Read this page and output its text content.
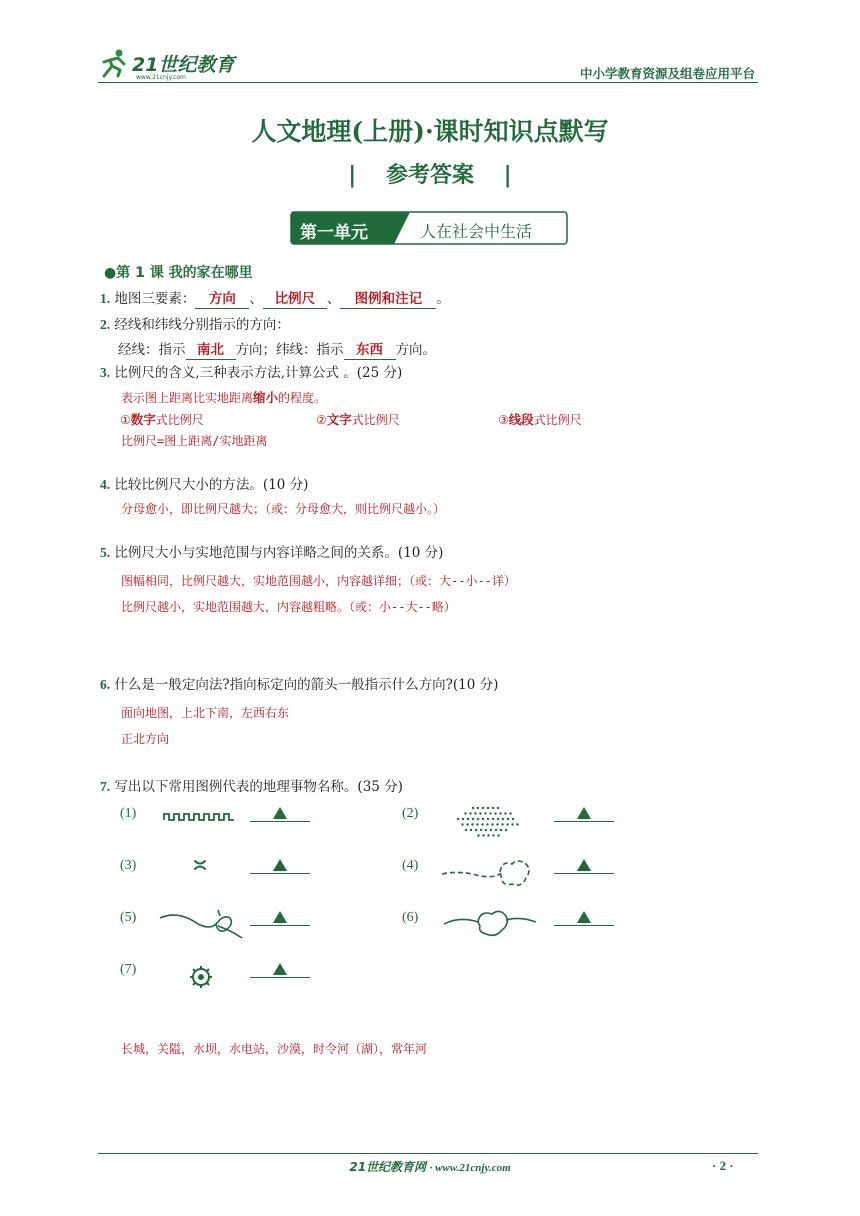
21世纪教育
www.21cnjy.com	中小学教育资源及组卷应用平台
人文地理(上册)·课时知识点默写
| 参考答案 |
第一单元	人在社会中生活
●第 1 课 我的家在哪里
1. 地图三要素： 方向 、 比例尺 、 图例和注记 。
2. 经线和纬线分别指示的方向：
经线：指示 南北 方向；纬线：指示 东西 方向。
3. 比例尺的含义,三种表示方法,计算公式 。(25 分)
表示图上距离比实地距离缩小的程度。
①数字式比例尺	②文字式比例尺	③线段式比例尺
比例尺=图上距离/实地距离
4. 比较比例尺大小的方法。(10 分)
分母愈小，即比例尺越大；（或：分母愈大，则比例尺越小。）
5. 比例尺大小与实地范围与内容详略之间的关系。(10 分)
图幅相同，比例尺越大，实地范围越小，内容越详细；（或：大--小--详）
比例尺越小，实地范围越大，内容越粗略。（或：小--大--略）
6. 什么是一般定向法?指向标定向的箭头一般指示什么方向?(10 分)
面向地图，上北下南，左西右东
正北方向
7. 写出以下常用图例代表的地理事物名称。(35 分)
(1)	(2)
(3)	(4)
(5)	(6)
(7)
长城，关隘，水坝，水电站，沙漠，时令河（湖），常年河
21世纪教育网 · www.21cnjy.com	· 2 ·
